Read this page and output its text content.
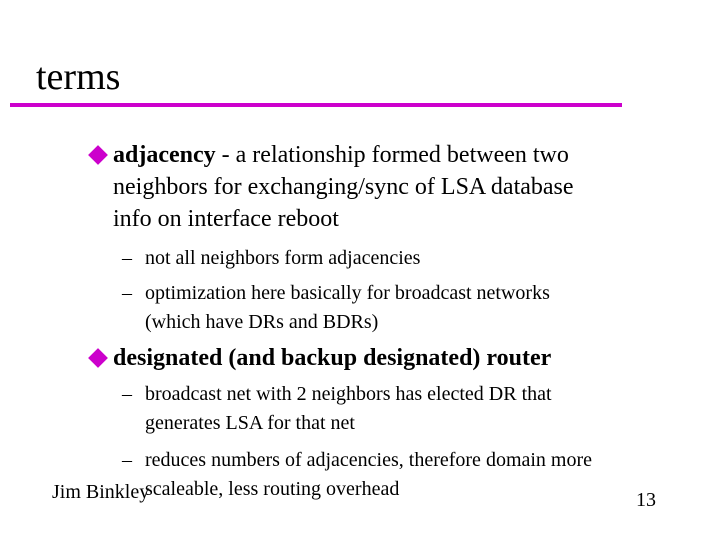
terms
adjacency - a relationship formed between two
neighbors for exchanging/sync of LSA database
info on interface reboot
– not all neighbors form adjacencies
– optimization here basically for broadcast networks
(which have DRs and BDRs)
designated (and backup designated) router
– broadcast net with 2 neighbors has elected DR that
generates LSA for that net
– reduces numbers of adjacencies, therefore domain more
scaleable, less routing overhead
Jim Binkley	13
